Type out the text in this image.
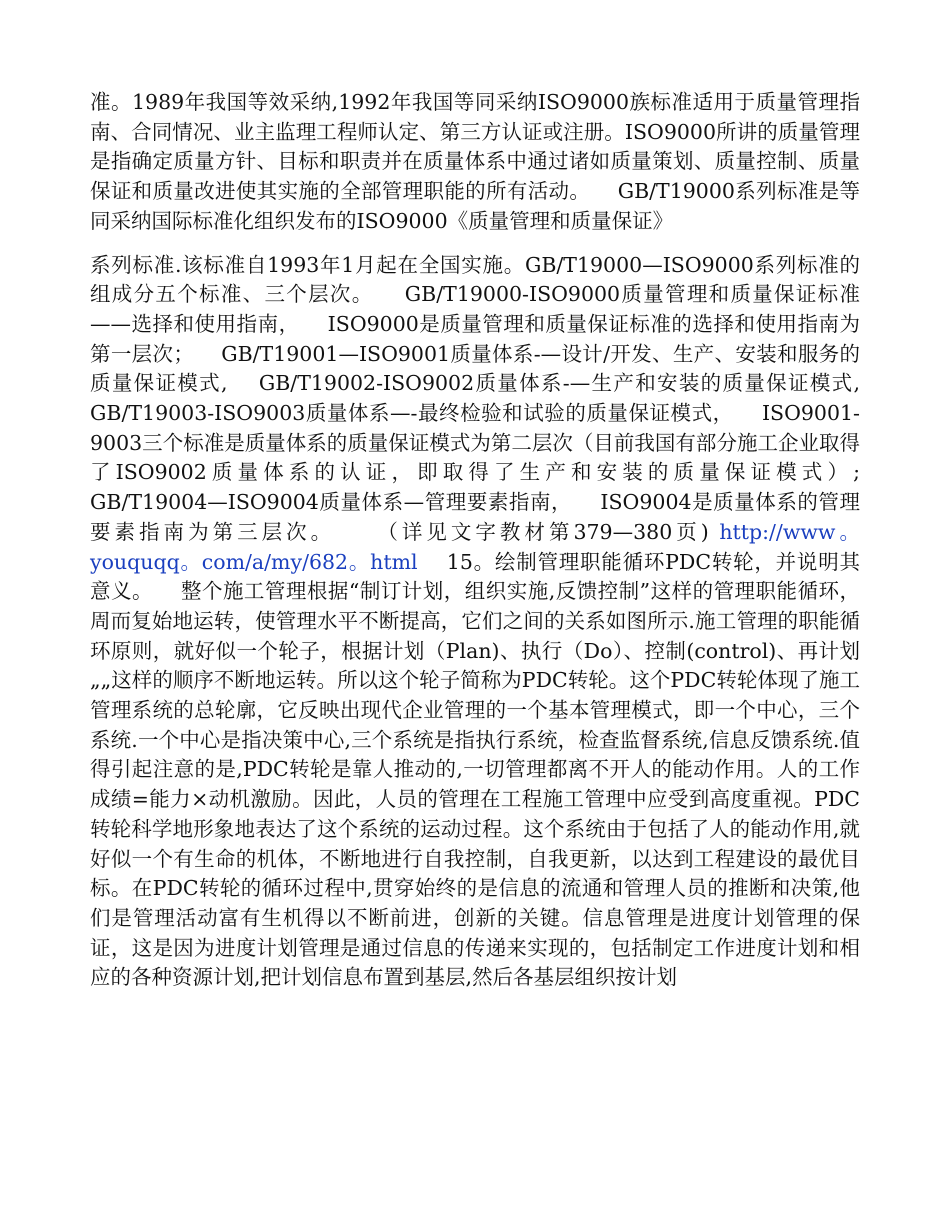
准。1989年我国等效采纳,1992年我国等同采纳ISO9000族标准适用于质量管理指南、合同情况、业主监理工程师认定、第三方认证或注册。ISO9000所讲的质量管理是指确定质量方针、目标和职责并在质量体系中通过诸如质量策划、质量控制、质量保证和质量改进使其实施的全部管理职能的所有活动。    GB/T19000系列标准是等同采纳国际标准化组织发布的ISO9000《质量管理和质量保证》

系列标准.该标准自1993年1月起在全国实施。GB/T19000—ISO9000系列标准的组成分五个标准、三个层次。    GB/T19000-ISO9000质量管理和质量保证标准——选择和使用指南，    ISO9000是质量管理和质量保证标准的选择和使用指南为第一层次；    GB/T19001—ISO9001质量体系-—设计/开发、生产、安装和服务的质量保证模式,    GB/T19002-ISO9002质量体系-—生产和安装的质量保证模式,    GB/T19003-ISO9003质量体系—-最终检验和试验的质量保证模式，    ISO9001-9003三个标准是质量体系的质量保证模式为第二层次（目前我国有部分施工企业取得了ISO9002质量体系的认证，即取得了生产和安装的质量保证模式）;    GB/T19004—ISO9004质量体系—管理要素指南，    ISO9004是质量体系的管理要素指南为第三层次。    （详见文字教材第379—380页) http://www。youquqq。com/a/my/682。html    15。绘制管理职能循环PDC转轮，并说明其意义。    整个施工管理根据“制订计划，组织实施,反馈控制”这样的管理职能循环，周而复始地运转，使管理水平不断提高，它们之间的关系如图所示.施工管理的职能循环原则，就好似一个轮子，根据计划（Plan)、执行（Do）、控制(control)、再计划„„这样的顺序不断地运转。所以这个轮子简称为PDC转轮。这个PDC转轮体现了施工管理系统的总轮廓，它反映出现代企业管理的一个基本管理模式，即一个中心，三个系统.一个中心是指决策中心,三个系统是指执行系统，检查监督系统,信息反馈系统.值得引起注意的是,PDC转轮是靠人推动的,一切管理都离不开人的能动作用。人的工作成绩=能力×动机激励。因此，人员的管理在工程施工管理中应受到高度重视。PDC转轮科学地形象地表达了这个系统的运动过程。这个系统由于包括了人的能动作用,就好似一个有生命的机体，不断地进行自我控制，自我更新，以达到工程建设的最优目标。在PDC转轮的循环过程中,贯穿始终的是信息的流通和管理人员的推断和决策,他们是管理活动富有生机得以不断前进，创新的关键。信息管理是进度计划管理的保证，这是因为进度计划管理是通过信息的传递来实现的，包括制定工作进度计划和相应的各种资源计划,把计划信息布置到基层,然后各基层组织按计划
